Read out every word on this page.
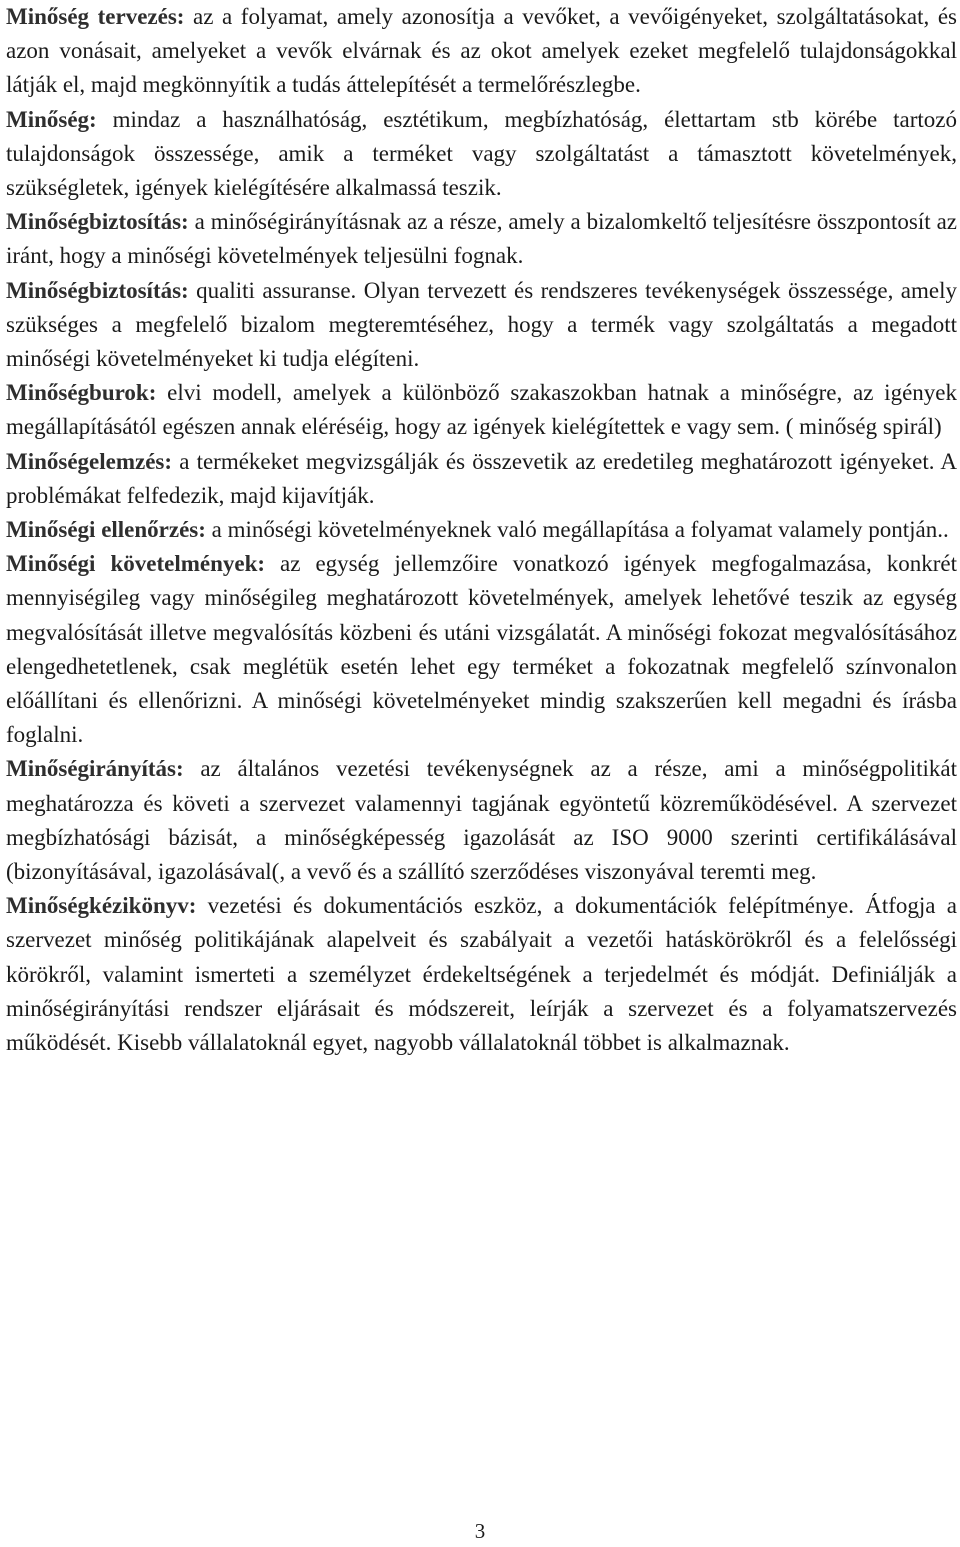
Minőség tervezés: az a folyamat, amely azonosítja a vevőket, a vevőigényeket, szolgáltatásokat, és azon vonásait, amelyeket a vevők elvárnak és az okot amelyek ezeket megfelelő tulajdonságokkal látják el, majd megkönnyítik a tudás áttelepítését a termelőrészlegbe.

Minőség: mindaz a használhatóság, esztétikum, megbízhatóság, élettartam stb körébe tartozó tulajdonságok összessége, amik a terméket vagy szolgáltatást a támasztott követelmények, szükségletek, igények kielégítésére alkalmassá teszik.

Minőségbiztosítás: a minőségirányításnak az a része, amely a bizalomkeltő teljesítésre összpontosít az iránt, hogy a minőségi követelmények teljesülni fognak.

Minőségbiztosítás: qualiti assuranse. Olyan tervezett és rendszeres tevékenységek összessége, amely szükséges a megfelelő bizalom megteremtéséhez, hogy a termék vagy szolgáltatás a megadott minőségi követelményeket ki tudja elégíteni.

Minőségburok: elvi modell, amelyek a különböző szakaszokban hatnak a minőségre, az igények megállapításától egészen annak eléréséig, hogy az igények kielégítettek e vagy sem. ( minőség spirál)

Minőségelemzés: a termékeket megvizsgálják és összevetik az eredetileg meghatározott igényeket. A problémákat felfedezik, majd kijavítják.

Minőségi ellenőrzés: a minőségi követelményeknek való megállapítása a folyamat valamely pontján..

Minőségi követelmények: az egység jellemzőire vonatkozó igények megfogalmazása, konkrét mennyiségileg vagy minőségileg meghatározott követelmények, amelyek lehetővé teszik az egység megvalósítását illetve megvalósítás közbeni és utáni vizsgálatát. A minőségi fokozat megvalósításához elengedhetetlenek, csak meglétük esetén lehet egy terméket a fokozatnak megfelelő színvonalon előállítani és ellenőrizni. A minőségi követelményeket mindig szakszerűen kell megadni és írásba foglalni.

Minőségirányítás: az általános vezetési tevékenységnek az a része, ami a minőségpolitikát meghatározza és követi a szervezet valamennyi tagjának egyöntetű közreműködésével. A szervezet megbízhatósági bázisát, a minőségképesség igazolását az ISO 9000 szerinti certifikálásával (bizonyításával, igazolásával(, a vevő és a szállító szerződéses viszonyával teremti meg.

Minőségkézikönyv: vezetési és dokumentációs eszköz, a dokumentációk felépítménye. Átfogja a szervezet minőség politikájának alapelveit és szabályait a vezetői hatáskörökről és a felelősségi körökről, valamint ismerteti a személyzet érdekeltségének a terjedelmét és módját. Definiálják a minőségirányítási rendszer eljárásait és módszereit, leírják a szervezet és a folyamatszervezés működését. Kisebb vállalatoknál egyet, nagyobb vállalatoknál többet is alkalmaznak.

3
